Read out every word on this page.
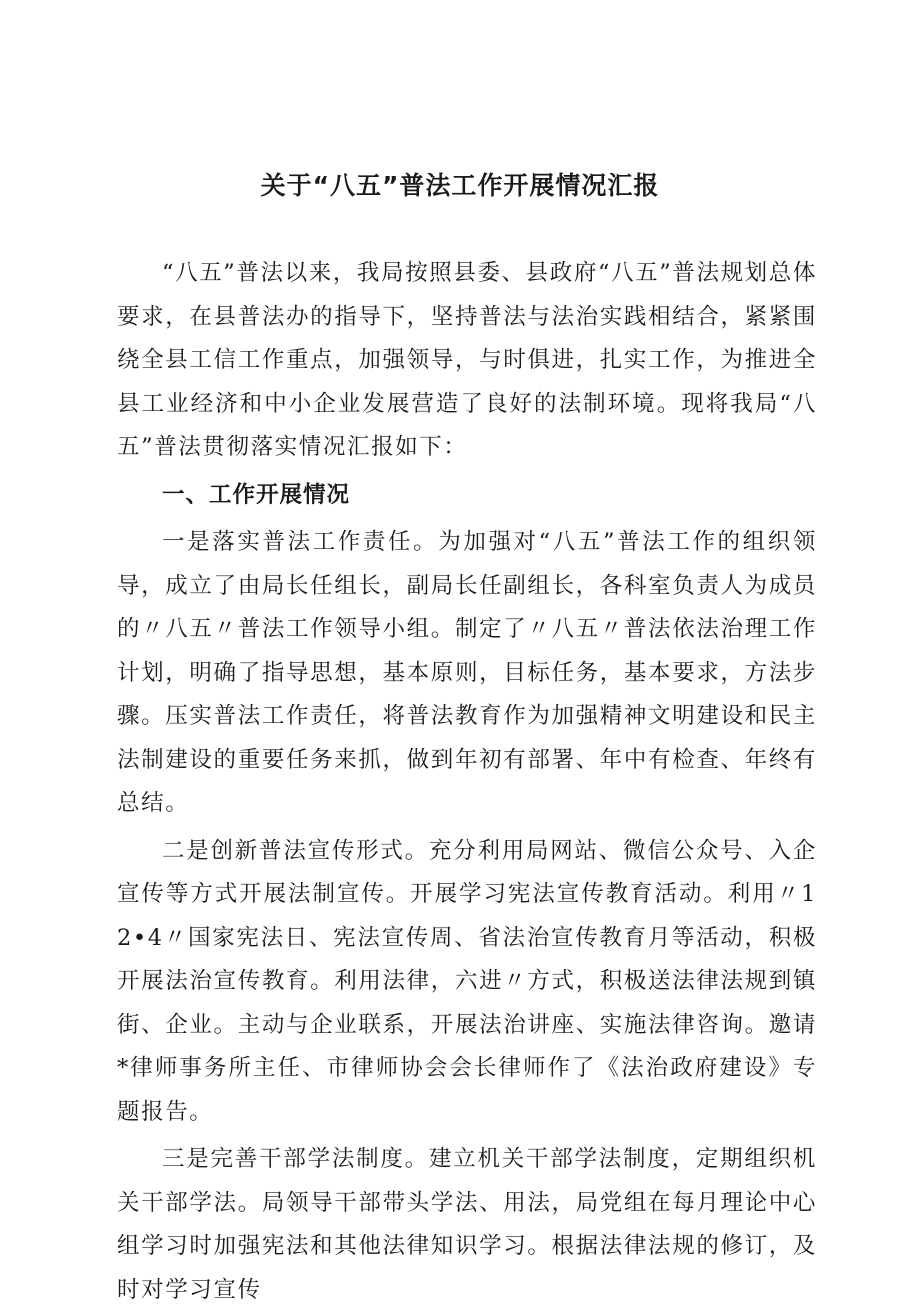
关于“八五”普法工作开展情况汇报

“八五”普法以来，我局按照县委、县政府“八五”普法规划总体要求，在县普法办的指导下，坚持普法与法治实践相结合，紧紧围绕全县工信工作重点，加强领导，与时俱进，扎实工作，为推进全县工业经济和中小企业发展营造了良好的法制环境。现将我局“八五”普法贯彻落实情况汇报如下：

一、工作开展情况

一是落实普法工作责任。为加强对“八五”普法工作的组织领导，成立了由局长任组长，副局长任副组长，各科室负责人为成员的〃八五〃普法工作领导小组。制定了〃八五〃普法依法治理工作计划，明确了指导思想，基本原则，目标任务，基本要求，方法步骤。压实普法工作责任，将普法教育作为加强精神文明建设和民主法制建设的重要任务来抓，做到年初有部署、年中有检查、年终有总结。

二是创新普法宣传形式。充分利用局网站、微信公众号、入企宣传等方式开展法制宣传。开展学习宪法宣传教育活动。利用〃12•4〃国家宪法日、宪法宣传周、省法治宣传教育月等活动，积极开展法治宣传教育。利用法律，六进〃方式，积极送法律法规到镇街、企业。主动与企业联系，开展法治讲座、实施法律咨询。邀请*律师事务所主任、市律师协会会长律师作了《法治政府建设》专题报告。

三是完善干部学法制度。建立机关干部学法制度，定期组织机关干部学法。局领导干部带头学法、用法，局党组在每月理论中心组学习时加强宪法和其他法律知识学习。根据法律法规的修订，及时对学习宣传
